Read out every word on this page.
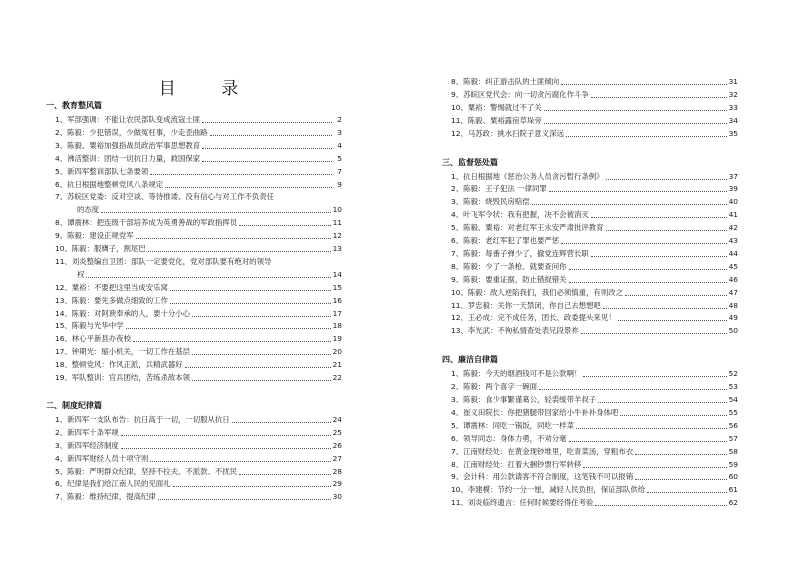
目 录
一、教育整风篇
1、军部强调：不能让农民部队变成流寇土匪	2
2、陈毅：少犯错误，少做冤枉事，少走歪曲路	3
3、陈毅、粟裕加强指战员政治军事思想教育	4
4、沸活整训：团结一切抗日力量，救国保家	5
5、新四军整训部队七条要领	7
6、抗日根据地整顿党风八条规定	9
7、苏皖区党委：反对空谈、等待推诿、没有信心与对工作不负责任
的态度	10
8、谭震林：把连级干部培养成为英勇善战的军政指挥员	11
9、陈毅：建设正规党军	12
10、陈毅：服膺子，割尾巴	13
11、刘炎整编自卫团：部队一定要党化，党对部队要有绝对的领导
权	14
12、粟裕：不要把这里当成安乐窝	15
13、陈毅：要先多做点细致的工作	16
14、陈毅：对阿谀奉承的人，要十分小心	17
15、陈毅与光华中学	18
16、林心平新县办夜校	19
17、钟期光：缩小机关，一切工作在基层	20
18、整顿党风：作风正派，兵精武器好	21
19、军队整训：官兵团结，苦练杀敌本领	22
二、制度纪律篇
1、新四军一支队布告：抗日高于一切，一切服从抗日	24
2、新四军十条军规	25
3、新四军经济制度	26
4、新四军财经人员十项守则	27
5、陈毅：严明群众纪律，坚持不拉夫、不派款、不扰民	28
6、纪律是我们给江南人民的见面礼	29
7、陈毅：维持纪律，提高纪律	30
8、陈毅：纠正游击队的土匪倾向	31
9、苏皖区党代会：向一切贪污腐化作斗争	32
10、粟裕：警惕就过不了关	33
11、陈毅、粟裕露宿草垛旁	34
12、马苏政：挑水扫院子意义深远	35
三、监督惩处篇
1、抗日根据地《惩治公务人员贪污暂行条例》	37
2、陈毅：王子犯法 一律同罪	39
3、陈毅：烧毁民房赔偿	40
4、叶飞军令状：我有把握，决不会被消灭	41
5、陈毅、粟裕：对老红军王永安严肃批评教育	42
6、陈毅：老红军犯了罪也要严惩	43
7、陈毅：每番子弹少了，撤党连辉营长职	44
8、陈毅：少了一条枪、就要查问你	45
9、陈毅：要重证据，防止错捉错关	46
10、陈毅：敌人逆陷我们，我们必须慎重，有则改之	47
11、罗忠毅：关你一天禁闭，你自己去想想吧	48
12、王必成：完不成任务，团长、政委提头来见！	49
13、李光武：不徇私情查处表兄段景祚	50
四、廉洁自律篇
1、陈毅：今天的烟酒钱可不是公款啊！	52
2、陈毅：两个喜字一碗面	53
3、陈毅：食少事繁谨葛公，轻裘缓带羊叔子	54
4、崔义田院长：你把猪腿带回家给小牛补补身体吧	55
5、谭震林：同吃一锅饭，同吃一样菜	56
6、领导同志：身体力勇，不劝分毫	57
7、江南财经处：在黄金现钞堆里，吃青菜汤，穿粗布衣	58
8、江南财经处：扛着大捆钞票行军转移	59
9、会计科：用公款请客不符合制度，这笔钱不可以报销	60
10、李建模：节约一分一厘，减轻人民负担，保证部队供给	61
11、刘炎临终遗言：任何时候要经得住考验	62
